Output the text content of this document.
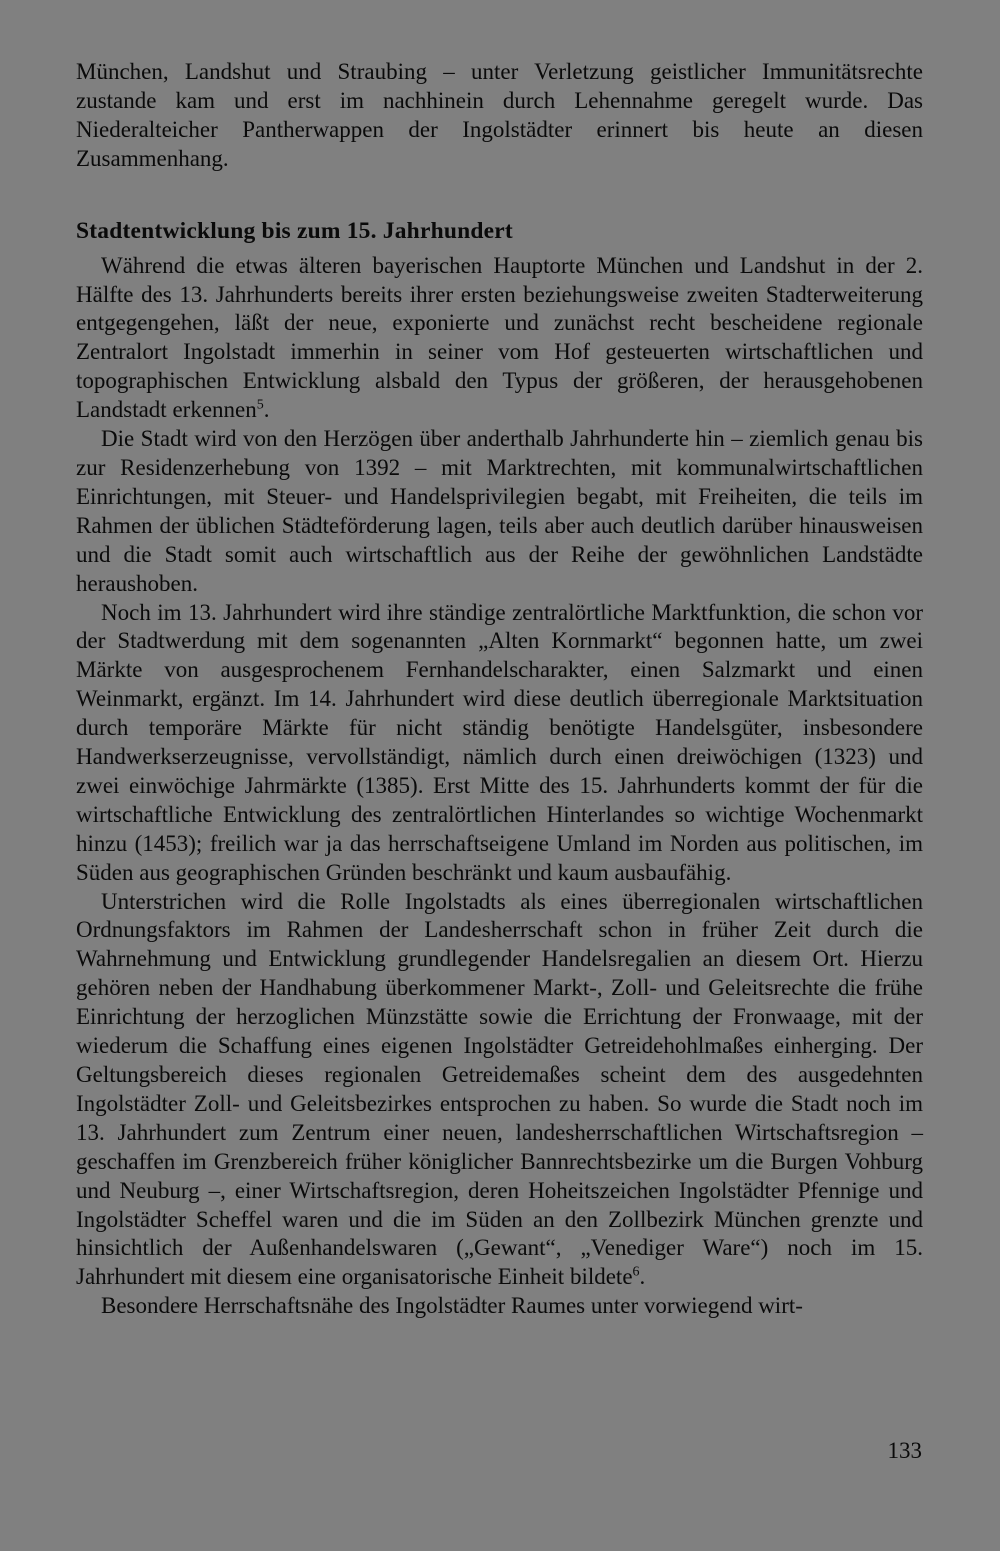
München, Landshut und Straubing – unter Verletzung geistlicher Immunitätsrechte zustande kam und erst im nachhinein durch Lehennahme geregelt wurde. Das Niederalteicher Pantherwappen der Ingolstädter erinnert bis heute an diesen Zusammenhang.

Stadtentwicklung bis zum 15. Jahrhundert

Während die etwas älteren bayerischen Hauptorte München und Landshut in der 2. Hälfte des 13. Jahrhunderts bereits ihrer ersten beziehungsweise zweiten Stadterweiterung entgegengehen, läßt der neue, exponierte und zunächst recht bescheidene regionale Zentralort Ingolstadt immerhin in seiner vom Hof gesteuerten wirtschaftlichen und topographischen Entwicklung alsbald den Typus der größeren, der herausgehobenen Landstadt erkennen$^5$.

Die Stadt wird von den Herzögen über anderthalb Jahrhunderte hin – ziemlich genau bis zur Residenzerhebung von 1392 – mit Marktrechten, mit kommunalwirtschaftlichen Einrichtungen, mit Steuer- und Handelsprivilegien begabt, mit Freiheiten, die teils im Rahmen der üblichen Städteförderung lagen, teils aber auch deutlich darüber hinausweisen und die Stadt somit auch wirtschaftlich aus der Reihe der gewöhnlichen Landstädte heraushoben.

Noch im 13. Jahrhundert wird ihre ständige zentralörtliche Marktfunktion, die schon vor der Stadtwerdung mit dem sogenannten „Alten Kornmarkt“ begonnen hatte, um zwei Märkte von ausgesprochenem Fernhandelscharakter, einen Salzmarkt und einen Weinmarkt, ergänzt. Im 14. Jahrhundert wird diese deutlich überregionale Marktsituation durch temporäre Märkte für nicht ständig benötigte Handelsgüter, insbesondere Handwerkserzeugnisse, vervollständigt, nämlich durch einen dreiwöchigen (1323) und zwei einwöchige Jahrmärkte (1385). Erst Mitte des 15. Jahrhunderts kommt der für die wirtschaftliche Entwicklung des zentralörtlichen Hinterlandes so wichtige Wochenmarkt hinzu (1453); freilich war ja das herrschaftseigene Umland im Norden aus politischen, im Süden aus geographischen Gründen beschränkt und kaum ausbaufähig.

Unterstrichen wird die Rolle Ingolstadts als eines überregionalen wirtschaftlichen Ordnungsfaktors im Rahmen der Landesherrschaft schon in früher Zeit durch die Wahrnehmung und Entwicklung grundlegender Handelsregalien an diesem Ort. Hierzu gehören neben der Handhabung überkommener Markt-, Zoll- und Geleitsrechte die frühe Einrichtung der herzoglichen Münzstätte sowie die Errichtung der Fronwaage, mit der wiederum die Schaffung eines eigenen Ingolstädter Getreidehohlmaßes einherging. Der Geltungsbereich dieses regionalen Getreidemaßes scheint dem des ausgedehnten Ingolstädter Zoll- und Geleitsbezirkes entsprochen zu haben. So wurde die Stadt noch im 13. Jahrhundert zum Zentrum einer neuen, landesherrschaftlichen Wirtschaftsregion – geschaffen im Grenzbereich früher königlicher Bannrechtsbezirke um die Burgen Vohburg und Neuburg –, einer Wirtschaftsregion, deren Hoheitszeichen Ingolstädter Pfennige und Ingolstädter Scheffel waren und die im Süden an den Zollbezirk München grenzte und hinsichtlich der Außenhandelswaren („Gewant“, „Venediger Ware“) noch im 15. Jahrhundert mit diesem eine organisatorische Einheit bildete$^6$.

Besondere Herrschaftsnähe des Ingolstädter Raumes unter vorwiegend wirt-

133
